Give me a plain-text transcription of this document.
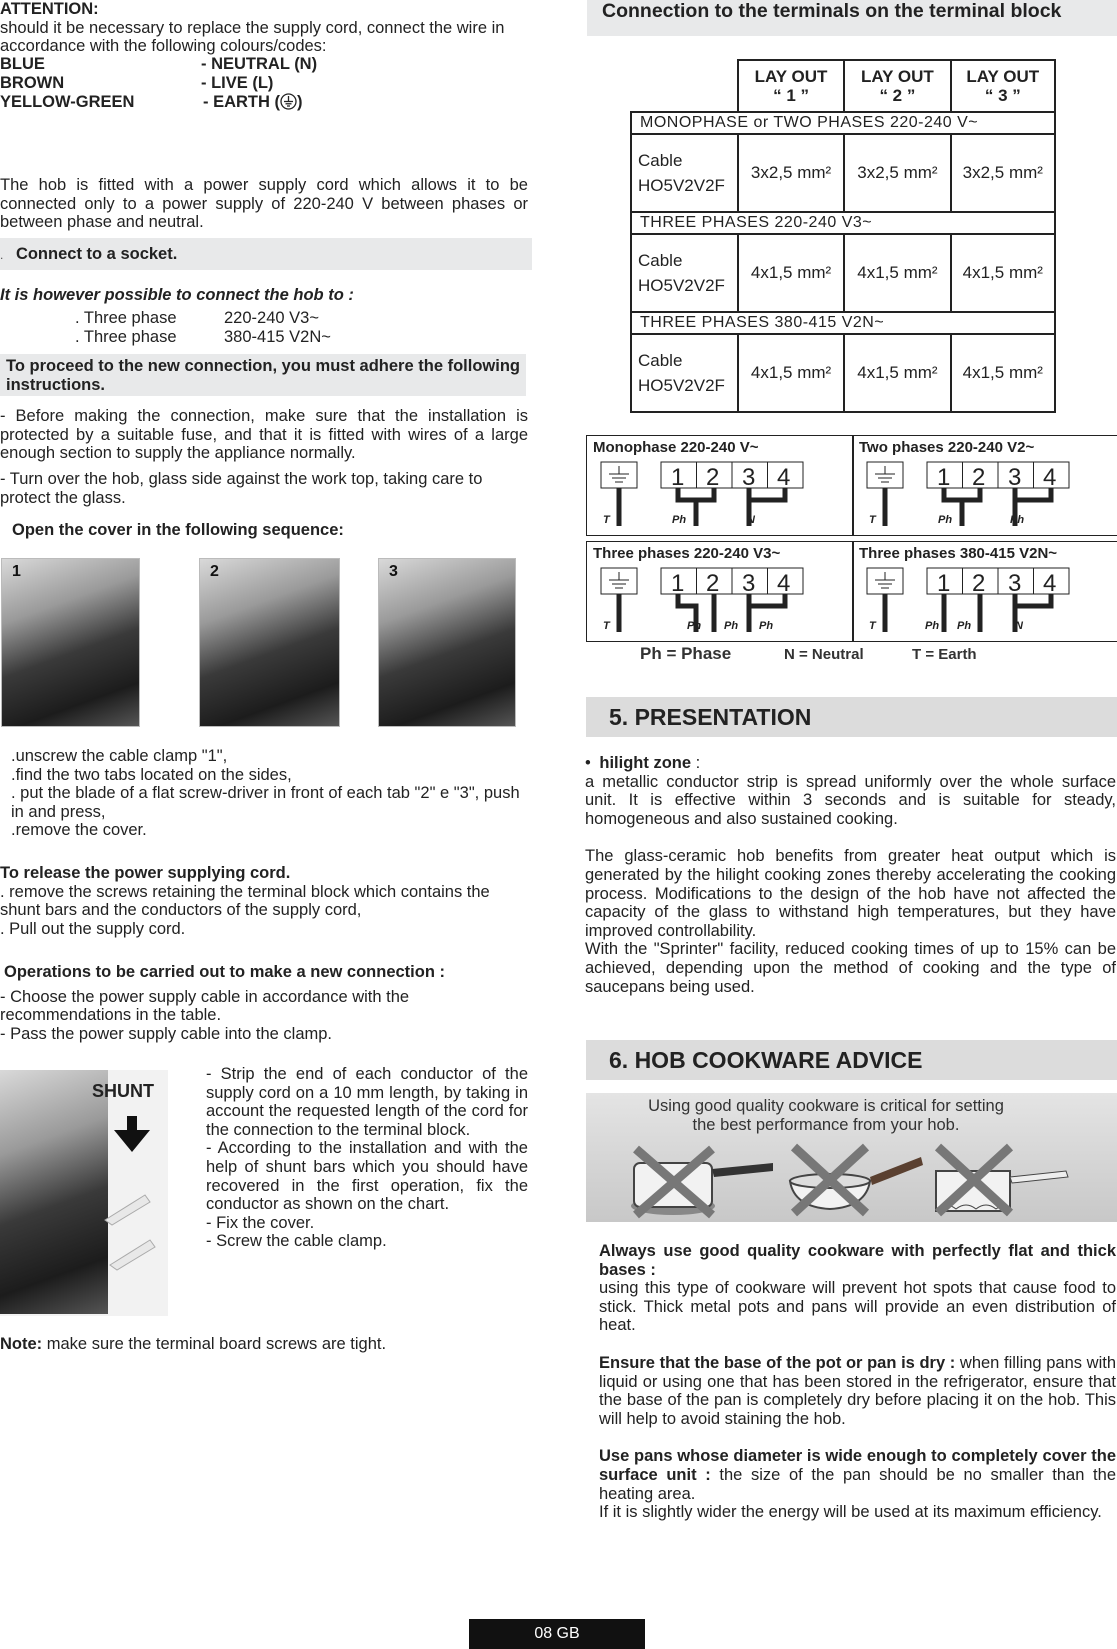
ATTENTION:
should it be necessary to replace the supply cord, connect the wire in accordance with the following colours/codes:
BLUE	- NEUTRAL (N)
BROWN	- LIVE (L)
YELLOW-GREEN	- EARTH ( )
The hob is fitted with a power supply cord which allows it to be connected only to a power supply of 220-240 V between phases or between phase and neutral.
. Connect to a socket.
It is however possible to connect the hob to :
. Three phase	220-240 V3~
. Three phase	380-415 V2N~
To proceed to the new connection, you must adhere the following instructions.
- Before making the connection, make sure that the installation is protected by a suitable fuse, and that it is fitted with wires of a large enough section to supply the appliance normally.
- Turn over the hob, glass side against the work top, taking care to protect the glass.
Open the cover in the following sequence:
1	2	3
.unscrew the cable clamp "1",
.find the two tabs located on the sides,
. put the blade of a flat screw-driver in front of each tab "2" e "3", push in and press,
.remove the cover.
To release the power supplying cord.
. remove the screws retaining the terminal block which contains the shunt bars and the conductors of the supply cord,
. Pull out the supply cord.
Operations to be carried out to make a new connection :
- Choose the power supply cable in accordance with the recommendations in the table.
- Pass the power supply cable into the clamp.
SHUNT
- Strip the end of each conductor of the supply cord on a 10 mm length, by taking in account the requested length of the cord for the connection to the terminal block.
- According to the installation and with the help of shunt bars which you should have recovered in the first operation, fix the conductor as shown on the chart.
- Fix the cover.
- Screw the cable clamp.
Note: make sure the terminal board screws are tight.
Connection to the terminals on the terminal block
	LAY OUT
“ 1 ”	LAY OUT
“ 2 ”	LAY OUT
“ 3 ”
MONOPHASE or TWO PHASES 220-240 V~			
Cable
HO5V2V2F	3x2,5 mm²	3x2,5 mm²	3x2,5 mm²
THREE PHASES 220-240 V3~			
Cable
HO5V2V2F	4x1,5 mm²	4x1,5 mm²	4x1,5 mm²
THREE PHASES 380-415 V2N~			
Cable
HO5V2V2F	4x1,5 mm²	4x1,5 mm²	4x1,5 mm²
Monophase 220-240 V~
1 2 3 4
T	Ph	N
Two phases 220-240 V2~
1 2 3 4
T	Ph	Ph
Three phases 220-240 V3~
1 2 3 4
T	Ph Ph Ph
Three phases 380-415 V2N~
1 2 3 4
T	Ph Ph	N
Ph = Phase	N = Neutral	T = Earth
5. PRESENTATION
• hilight zone :
a metallic conductor strip is spread uniformly over the whole surface unit. It is effective within 3 seconds and is suitable for steady, homogeneous and also sustained cooking.
The glass-ceramic hob benefits from greater heat output which is generated by the hilight cooking zones thereby accelerating the cooking process. Modifications to the design of the hob have not affected the capacity of the glass to withstand high temperatures, but they have improved controllability.
With the "Sprinter" facility, reduced cooking times of up to 15% can be achieved, depending upon the method of cooking and the type of saucepans being used.
6. HOB COOKWARE ADVICE
Using good quality cookware is critical for setting
the best performance from your hob.
Always use good quality cookware with perfectly flat and thick bases :
using this type of cookware will prevent hot spots that cause food to stick. Thick metal pots and pans will provide an even distribution of heat.
Ensure that the base of the pot or pan is dry : when filling pans with liquid or using one that has been stored in the refrigerator, ensure that the base of the pan is completely dry before placing it on the hob. This will help to avoid staining the hob.
Use pans whose diameter is wide enough to completely cover the surface unit : the size of the pan should be no smaller than the heating area.
If it is slightly wider the energy will be used at its maximum efficiency.
08 GB
